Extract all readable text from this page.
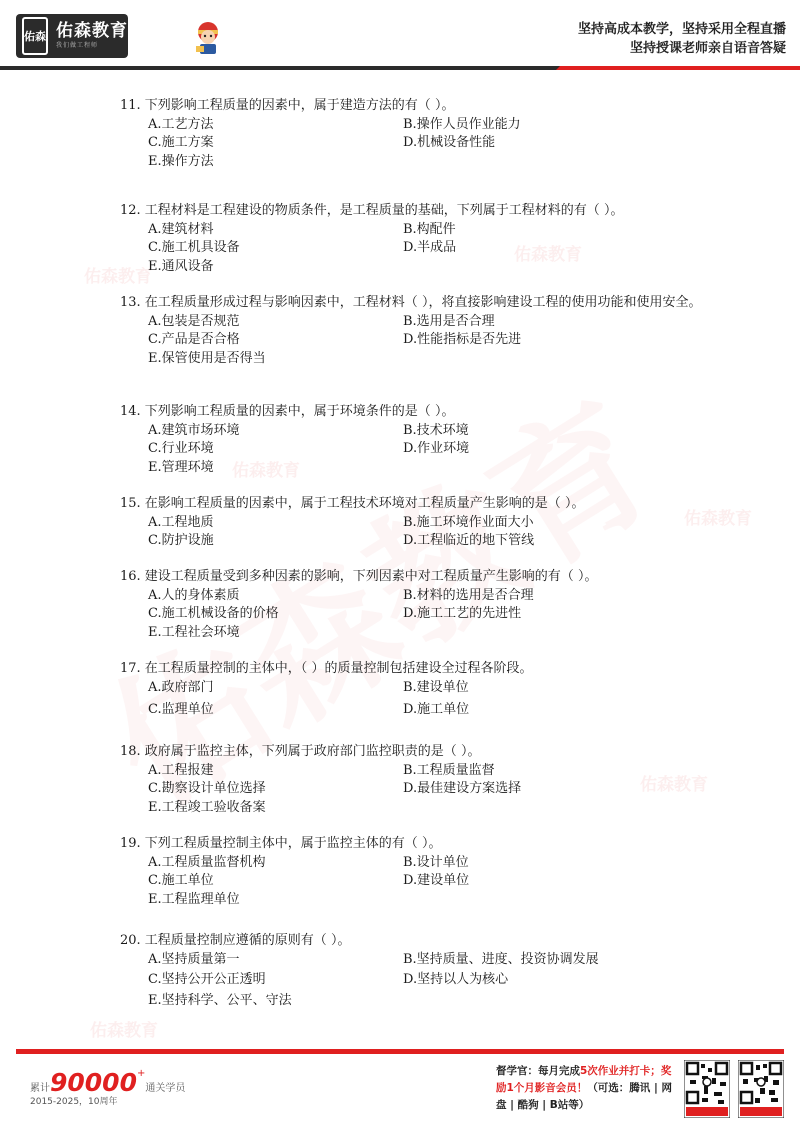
佑森教育
佑森教育
佑森教育
佑森教育
佑森教育
佑森教育
佑森 佑森教育
我们做工程师
坚持高成本教学，坚持采用全程直播
坚持授课老师亲自语音答疑
11. 下列影响工程质量的因素中，属于建造方法的有（ ）。
A.工艺方法	B.操作人员作业能力
C.施工方案	D.机械设备性能
E.操作方法
12. 工程材料是工程建设的物质条件，是工程质量的基础，下列属于工程材料的有（ ）。
A.建筑材料	B.构配件
C.施工机具设备	D.半成品
E.通风设备
13. 在工程质量形成过程与影响因素中，工程材料（ ），将直接影响建设工程的使用功能和使用安全。
A.包装是否规范	B.选用是否合理
C.产品是否合格	D.性能指标是否先进
E.保管使用是否得当
14. 下列影响工程质量的因素中，属于环境条件的是（ ）。
A.建筑市场环境	B.技术环境
C.行业环境	D.作业环境
E.管理环境
15. 在影响工程质量的因素中，属于工程技术环境对工程质量产生影响的是（ ）。
A.工程地质	B.施工环境作业面大小
C.防护设施	D.工程临近的地下管线
16. 建设工程质量受到多种因素的影响，下列因素中对工程质量产生影响的有（ ）。
A.人的身体素质	B.材料的选用是否合理
C.施工机械设备的价格	D.施工工艺的先进性
E.工程社会环境
17. 在工程质量控制的主体中，（ ）的质量控制包括建设全过程各阶段。
A.政府部门	B.建设单位
C.监理单位	D.施工单位
18. 政府属于监控主体，下列属于政府部门监控职责的是（ ）。
A.工程报建	B.工程质量监督
C.勘察设计单位选择	D.最佳建设方案选择
E.工程竣工验收备案
19. 下列工程质量控制主体中，属于监控主体的有（ ）。
A.工程质量监督机构	B.设计单位
C.施工单位	D.建设单位
E.工程监理单位
20. 工程质量控制应遵循的原则有（ ）。
A.坚持质量第一	B.坚持质量、进度、投资协调发展
C.坚持公开公正透明	D.坚持以人为核心
E.坚持科学、公平、守法
累计90000+通关学员
2015-2025，10周年
督学官：每月完成5次作业并打卡；奖励1个月影音会员！（可选：腾讯 | 网盘 | 酷狗 | B站等）
